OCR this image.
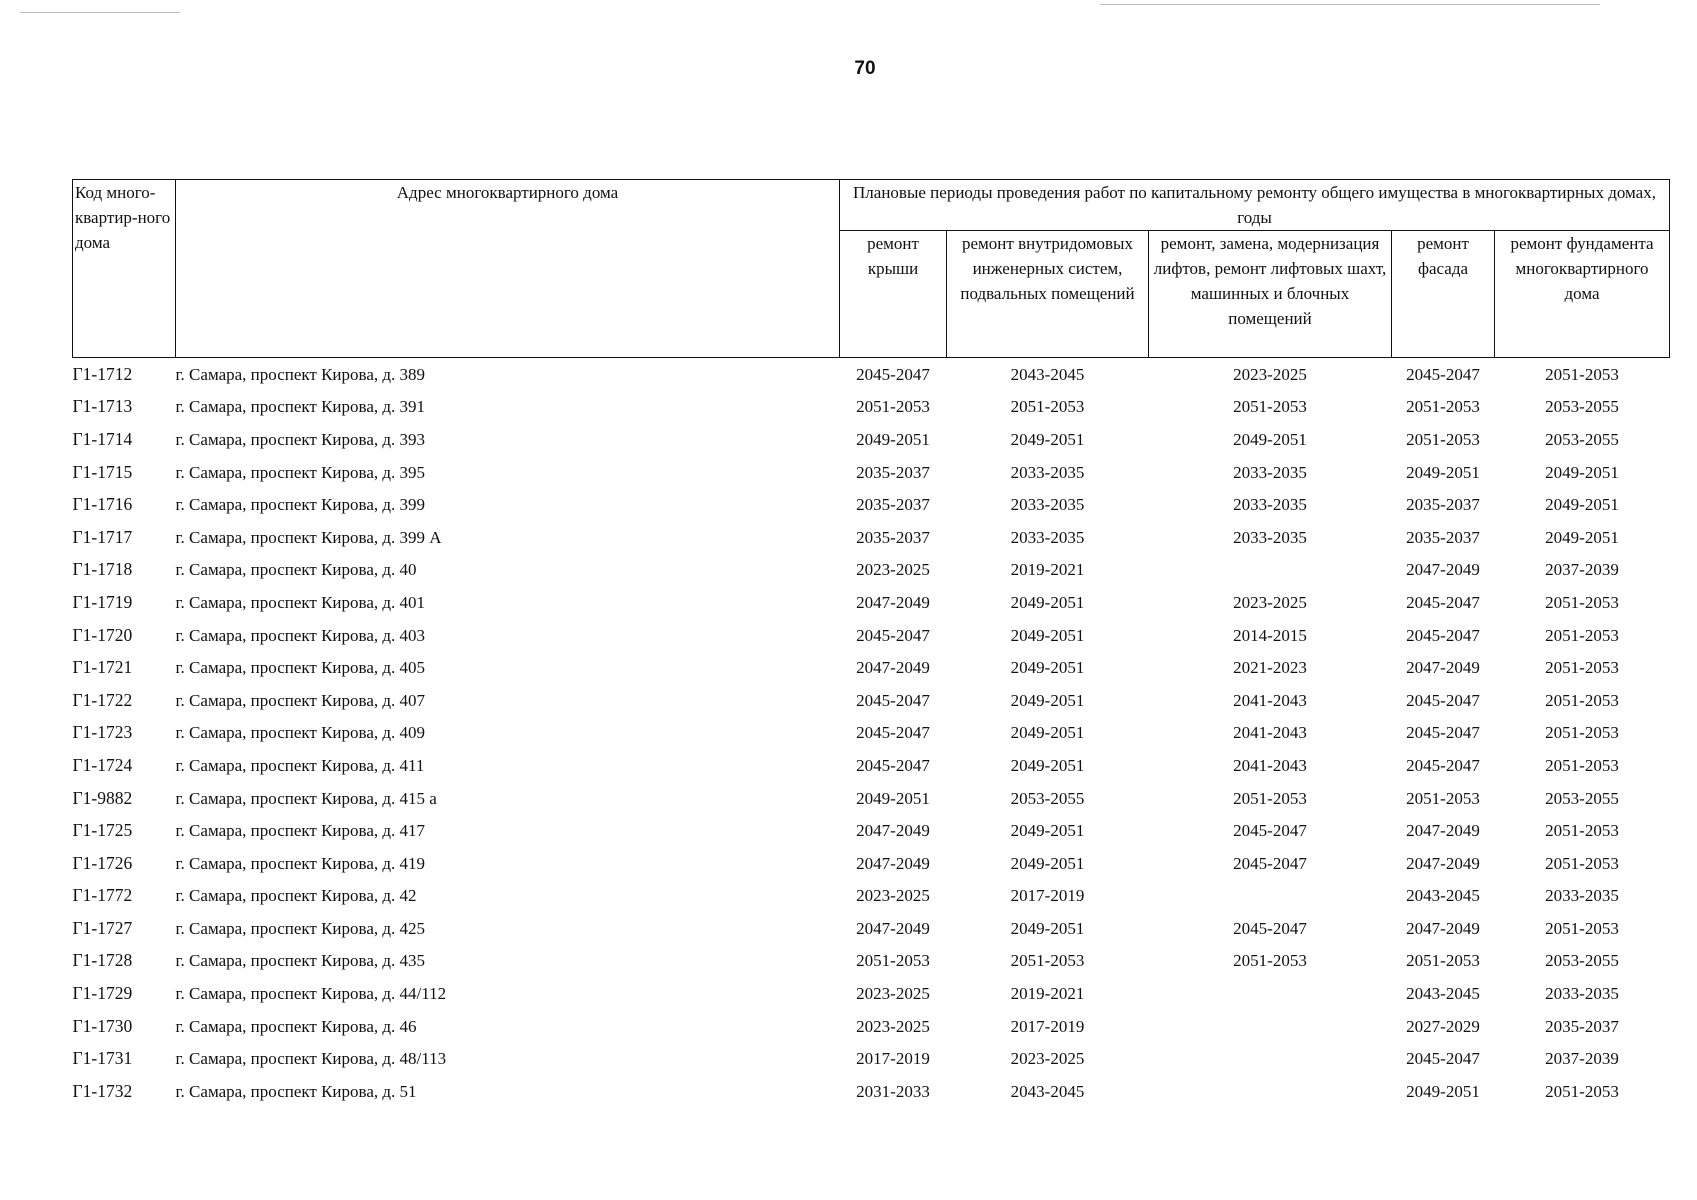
70
Код много-квартир-ного дома	Адрес многоквартирного дома	Плановые периоды проведения работ по капитальному ремонту общего имущества в многоквартирных домах, годы				
		ремонт крыши	ремонт внутридомовых инженерных систем, подвальных помещений	ремонт, замена, модернизация лифтов, ремонт лифтовых шахт, машинных и блочных помещений	ремонт фасада	ремонт фундамента многоквартирного дома
Г1-1712	г. Самара, проспект Кирова, д. 389	2045-2047	2043-2045	2023-2025	2045-2047	2051-2053
Г1-1713	г. Самара, проспект Кирова, д. 391	2051-2053	2051-2053	2051-2053	2051-2053	2053-2055
Г1-1714	г. Самара, проспект Кирова, д. 393	2049-2051	2049-2051	2049-2051	2051-2053	2053-2055
Г1-1715	г. Самара, проспект Кирова, д. 395	2035-2037	2033-2035	2033-2035	2049-2051	2049-2051
Г1-1716	г. Самара, проспект Кирова, д. 399	2035-2037	2033-2035	2033-2035	2035-2037	2049-2051
Г1-1717	г. Самара, проспект Кирова, д. 399 А	2035-2037	2033-2035	2033-2035	2035-2037	2049-2051
Г1-1718	г. Самара, проспект Кирова, д. 40	2023-2025	2019-2021		2047-2049	2037-2039
Г1-1719	г. Самара, проспект Кирова, д. 401	2047-2049	2049-2051	2023-2025	2045-2047	2051-2053
Г1-1720	г. Самара, проспект Кирова, д. 403	2045-2047	2049-2051	2014-2015	2045-2047	2051-2053
Г1-1721	г. Самара, проспект Кирова, д. 405	2047-2049	2049-2051	2021-2023	2047-2049	2051-2053
Г1-1722	г. Самара, проспект Кирова, д. 407	2045-2047	2049-2051	2041-2043	2045-2047	2051-2053
Г1-1723	г. Самара, проспект Кирова, д. 409	2045-2047	2049-2051	2041-2043	2045-2047	2051-2053
Г1-1724	г. Самара, проспект Кирова, д. 411	2045-2047	2049-2051	2041-2043	2045-2047	2051-2053
Г1-9882	г. Самара, проспект Кирова, д. 415 а	2049-2051	2053-2055	2051-2053	2051-2053	2053-2055
Г1-1725	г. Самара, проспект Кирова, д. 417	2047-2049	2049-2051	2045-2047	2047-2049	2051-2053
Г1-1726	г. Самара, проспект Кирова, д. 419	2047-2049	2049-2051	2045-2047	2047-2049	2051-2053
Г1-1772	г. Самара, проспект Кирова, д. 42	2023-2025	2017-2019		2043-2045	2033-2035
Г1-1727	г. Самара, проспект Кирова, д. 425	2047-2049	2049-2051	2045-2047	2047-2049	2051-2053
Г1-1728	г. Самара, проспект Кирова, д. 435	2051-2053	2051-2053	2051-2053	2051-2053	2053-2055
Г1-1729	г. Самара, проспект Кирова, д. 44/112	2023-2025	2019-2021		2043-2045	2033-2035
Г1-1730	г. Самара, проспект Кирова, д. 46	2023-2025	2017-2019		2027-2029	2035-2037
Г1-1731	г. Самара, проспект Кирова, д. 48/113	2017-2019	2023-2025		2045-2047	2037-2039
Г1-1732	г. Самара, проспект Кирова, д. 51	2031-2033	2043-2045		2049-2051	2051-2053
